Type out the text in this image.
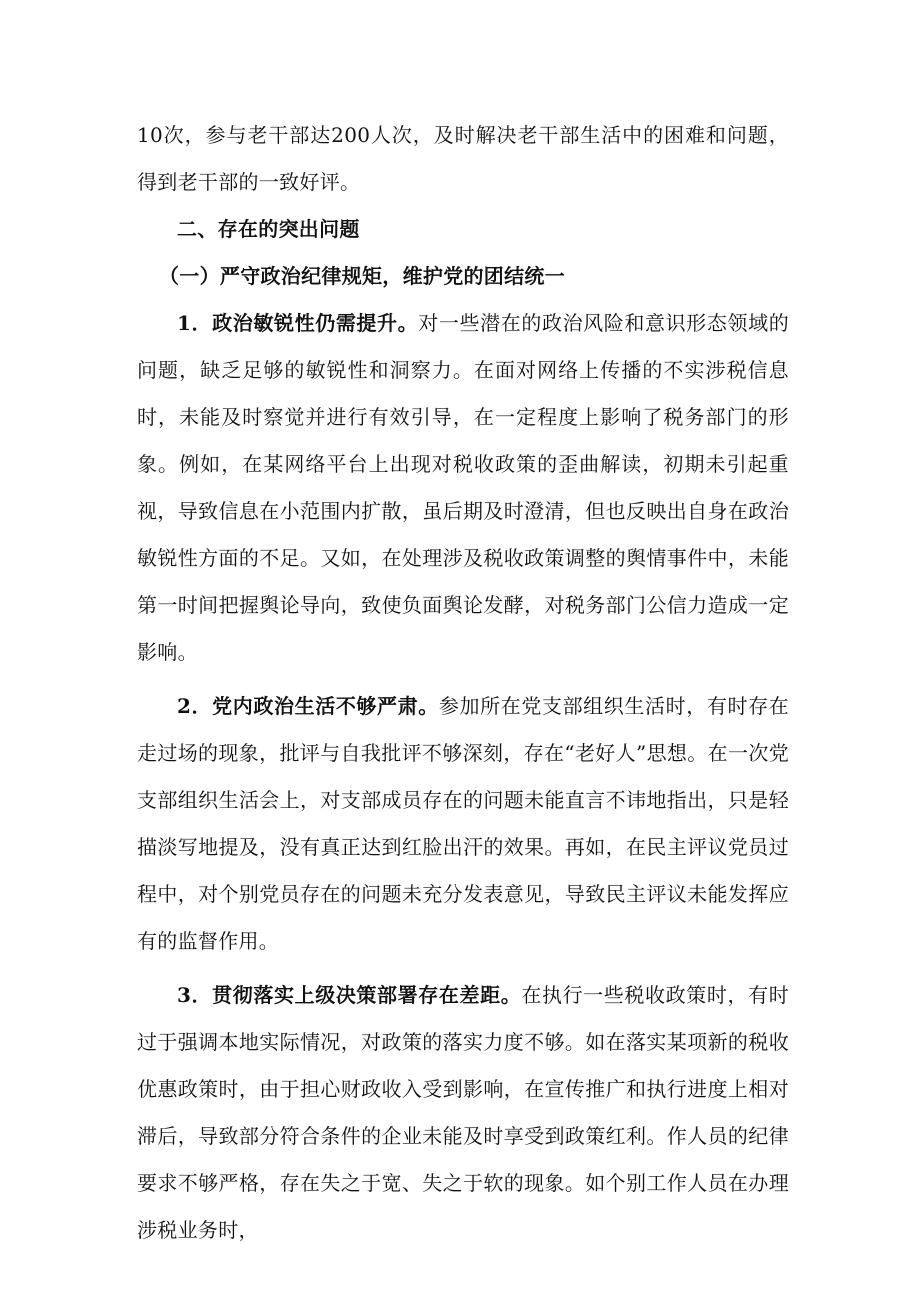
10次，参与老干部达200人次，及时解决老干部生活中的困难和问题，得到老干部的一致好评。

二、存在的突出问题

（一）严守政治纪律规矩，维护党的团结统一

1．政治敏锐性仍需提升。对一些潜在的政治风险和意识形态领域的问题，缺乏足够的敏锐性和洞察力。在面对网络上传播的不实涉税信息时，未能及时察觉并进行有效引导，在一定程度上影响了税务部门的形象。例如，在某网络平台上出现对税收政策的歪曲解读，初期未引起重视，导致信息在小范围内扩散，虽后期及时澄清，但也反映出自身在政治敏锐性方面的不足。又如，在处理涉及税收政策调整的舆情事件中，未能第一时间把握舆论导向，致使负面舆论发酵，对税务部门公信力造成一定影响。

2．党内政治生活不够严肃。参加所在党支部组织生活时，有时存在走过场的现象，批评与自我批评不够深刻，存在“老好人”思想。在一次党支部组织生活会上，对支部成员存在的问题未能直言不讳地指出，只是轻描淡写地提及，没有真正达到红脸出汗的效果。再如，在民主评议党员过程中，对个别党员存在的问题未充分发表意见，导致民主评议未能发挥应有的监督作用。

3．贯彻落实上级决策部署存在差距。在执行一些税收政策时，有时过于强调本地实际情况，对政策的落实力度不够。如在落实某项新的税收优惠政策时，由于担心财政收入受到影响，在宣传推广和执行进度上相对滞后，导致部分符合条件的企业未能及时享受到政策红利。作人员的纪律要求不够严格，存在失之于宽、失之于软的现象。如个别工作人员在办理涉税业务时，
